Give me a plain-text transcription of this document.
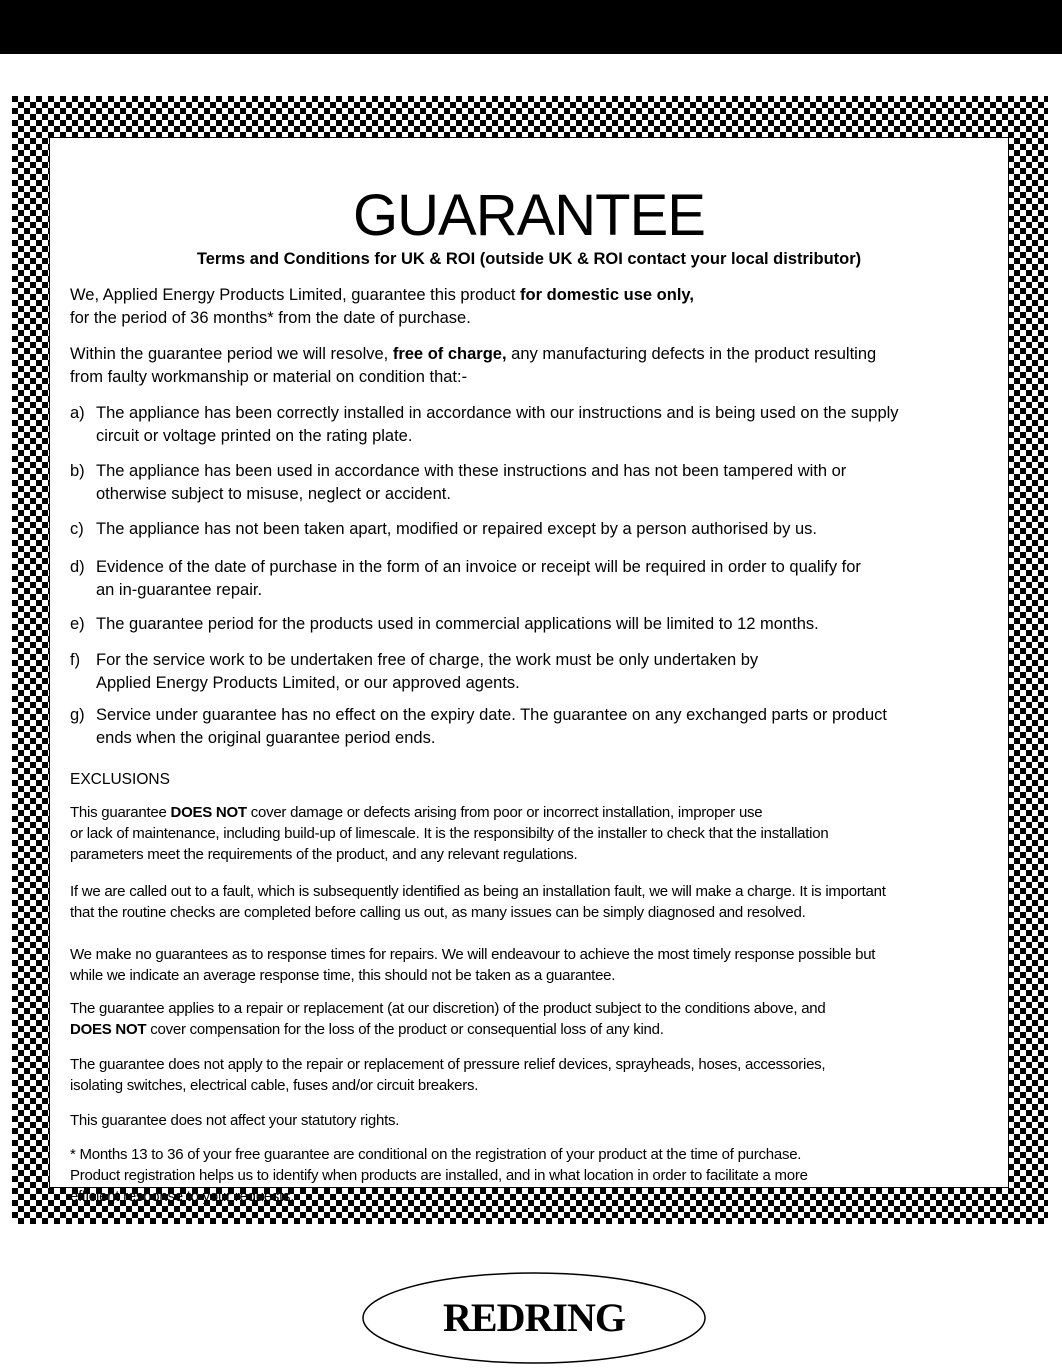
GUARANTEE

Terms and Conditions for UK & ROI (outside UK & ROI contact your local distributor)

We, Applied Energy Products Limited, guarantee this product for domestic use only,
for the period of 36 months* from the date of purchase.

Within the guarantee period we will resolve, free of charge, any manufacturing defects in the product resulting
from faulty workmanship or material on condition that:-

a) The appliance has been correctly installed in accordance with our instructions and is being used on the supply
circuit or voltage printed on the rating plate.
b) The appliance has been used in accordance with these instructions and has not been tampered with or
otherwise subject to misuse, neglect or accident.
c) The appliance has not been taken apart, modified or repaired except by a person authorised by us.
d) Evidence of the date of purchase in the form of an invoice or receipt will be required in order to qualify for
an in-guarantee repair.
e) The guarantee period for the products used in commercial applications will be limited to 12 months.
f) For the service work to be undertaken free of charge, the work must be only undertaken by
Applied Energy Products Limited, or our approved agents.
g) Service under guarantee has no effect on the expiry date. The guarantee on any exchanged parts or product
ends when the original guarantee period ends.

EXCLUSIONS

This guarantee DOES NOT cover damage or defects arising from poor or incorrect installation, improper use
or lack of maintenance, including build-up of limescale. It is the responsibilty of the installer to check that the installation
parameters meet the requirements of the product, and any relevant regulations.

If we are called out to a fault, which is subsequently identified as being an installation fault, we will make a charge. It is important
that the routine checks are completed before calling us out, as many issues can be simply diagnosed and resolved.

We make no guarantees as to response times for repairs. We will endeavour to achieve the most timely response possible but
while we indicate an average response time, this should not be taken as a guarantee.

The guarantee applies to a repair or replacement (at our discretion) of the product subject to the conditions above, and
DOES NOT cover compensation for the loss of the product or consequential loss of any kind.

The guarantee does not apply to the repair or replacement of pressure relief devices, sprayheads, hoses, accessories,
isolating switches, electrical cable, fuses and/or circuit breakers.

This guarantee does not affect your statutory rights.

* Months 13 to 36 of your free guarantee are conditional on the registration of your product at the time of purchase.
Product registration helps us to identify when products are installed, and in what location in order to facilitate a more
efficient response to your requests.

REDRING
